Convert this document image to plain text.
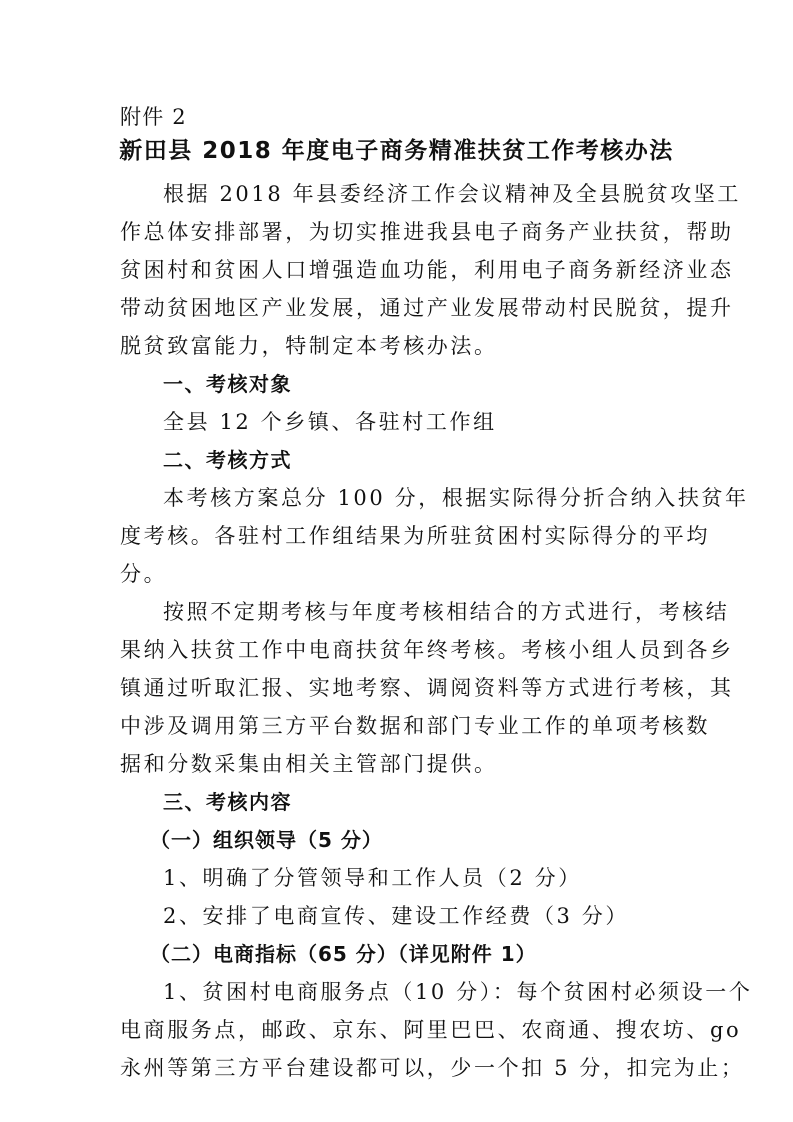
附件 2
新田县 2018 年度电子商务精准扶贫工作考核办法
根据 2018 年县委经济工作会议精神及全县脱贫攻坚工
作总体安排部署，为切实推进我县电子商务产业扶贫，帮助
贫困村和贫困人口增强造血功能，利用电子商务新经济业态
带动贫困地区产业发展，通过产业发展带动村民脱贫，提升
脱贫致富能力，特制定本考核办法。
一、考核对象
全县 12 个乡镇、各驻村工作组
二、考核方式
本考核方案总分 100 分，根据实际得分折合纳入扶贫年
度考核。各驻村工作组结果为所驻贫困村实际得分的平均
分。
按照不定期考核与年度考核相结合的方式进行，考核结
果纳入扶贫工作中电商扶贫年终考核。考核小组人员到各乡
镇通过听取汇报、实地考察、调阅资料等方式进行考核，其
中涉及调用第三方平台数据和部门专业工作的单项考核数
据和分数采集由相关主管部门提供。
三、考核内容
（一）组织领导（5 分）
1、明确了分管领导和工作人员（2 分）
2、安排了电商宣传、建设工作经费（3 分）
（二）电商指标（65 分）（详见附件 1）
1、贫困村电商服务点（10 分）：每个贫困村必须设一个
电商服务点，邮政、京东、阿里巴巴、农商通、搜农坊、go
永州等第三方平台建设都可以，少一个扣 5 分，扣完为止；
